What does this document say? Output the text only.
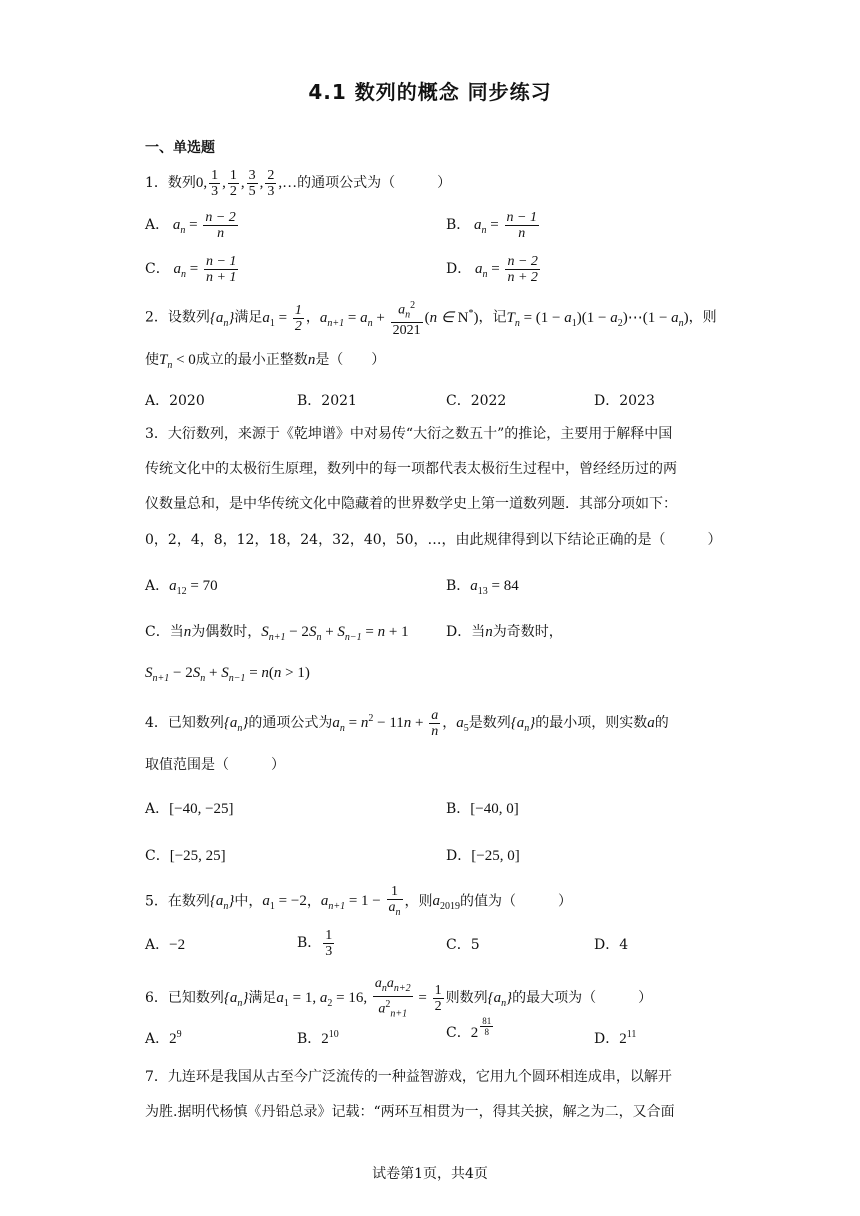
4.1 数列的概念 同步练习
一、单选题
1．数列0, $\frac{1}{3}$ , $\frac{1}{2}$ , $\frac{3}{5}$ , $\frac{2}{3}$ ,…的通项公式为（　　　）
A． $a_n = \frac{n - 2}{n}$	B． $a_n = \frac{n - 1}{n}$
C． $a_n = \frac{n - 1}{n + 1}$	D． $a_n = \frac{n - 2}{n + 2}$
2．设数列$\{a_n\}$满足$a_1 = \frac{1}{2}$ ，$a_{n+1} = a_n + \frac{a_n^2}{2021} (n$ ∈ N*)，记$T_n = (1 - a_1)(1$ − $a_2)\cdots(1 - a_n)$，则
使$T_n < 0$成立的最小正整数n是（　　）
A．2020	B．2021	C．2022	D．2023
3．大衍数列，来源于《乾坤谱》中对易传“大衍之数五十”的推论，主要用于解释中国
传统文化中的太极衍生原理，数列中的每一项都代表太极衍生过程中，曾经经历过的两
仪数量总和，是中华传统文化中隐藏着的世界数学史上第一道数列题．其部分项如下：
0，2，4，8，12，18，24，32，40，50，…，由此规律得到以下结论正确的是（　　　）
A．$a_{12} = 70$	B．$a_{13} = 84$
C．当n为偶数时，$S_{n+1} - 2S_n + S_{n-1} = n + 1$	D．当n为奇数时，
$S_{n+1} - 2S_n + S_{n-1} = n(n > 1)$
4．已知数列$\{a_n\}$的通项公式为$a_n = n^2 - 11n + \frac{a}{n}$ ，$a_5$是数列$\{a_n\}$的最小项，则实数a的
取值范围是（　　　）
A．[−40, −25]	B．[−40, 0]
C．[−25, 25]	D．[−25, 0]
5．在数列$\{a_n\}$中，$a_1 = -2$，$a_{n+1} = 1 - \frac{1}{a_n}$ ，则$a_{2019}$的值为（　　　）
A．−2	B． $\frac{1}{3}$	C．5	D．4
6．已知数列$\{a_n\}$满足$a_1 = 1$, $a_2 = 16$, $\frac{a_na_{n+2}}{a^2_{n+1}} = \frac{1}{2}$ 则数列$\{a_n\}$的最大项为（　　　）
A．$2^9$	B．$2^{10}$	C．2 $^{\frac{81}{8}}$
D．$2^{11}$
7．九连环是我国从古至今广泛流传的一种益智游戏，它用九个圆环相连成串，以解开
为胜.据明代杨慎《丹铅总录》记载：“两环互相贯为一，得其关捩，解之为二，又合面
试卷第1页，共4页
